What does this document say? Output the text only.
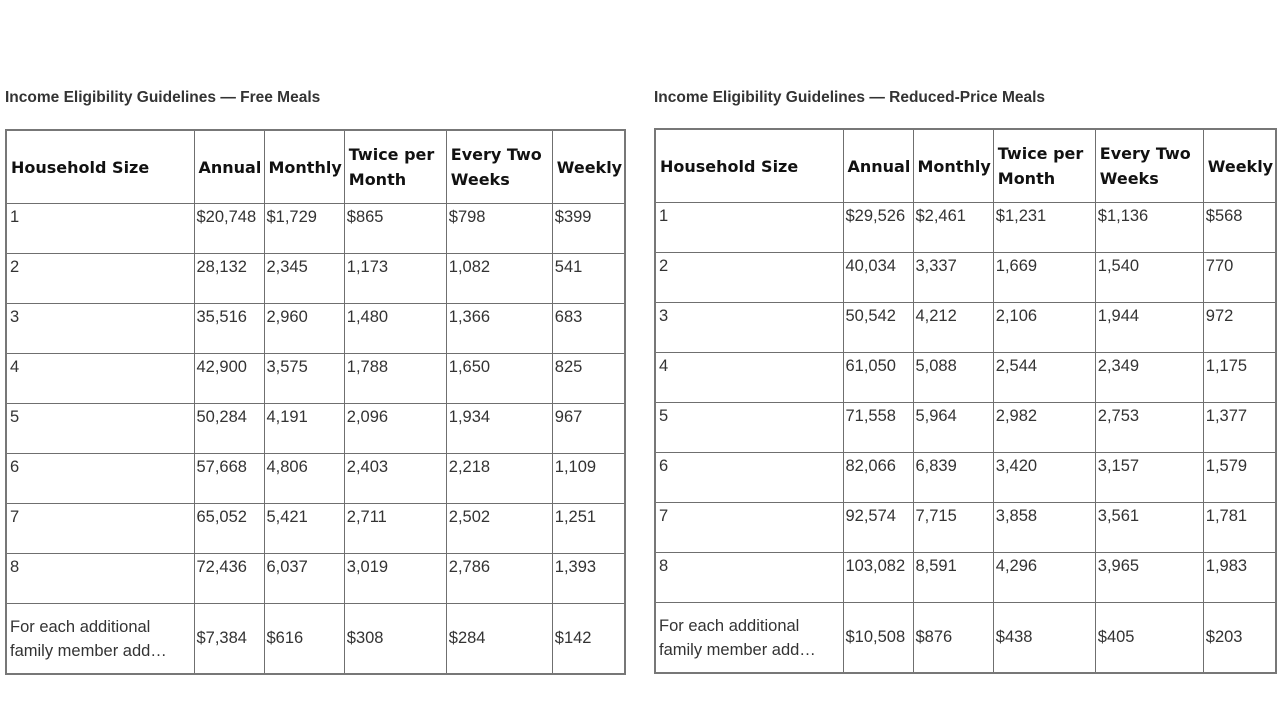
Income Eligibility Guidelines — Free Meals
Household Size	Annual	Monthly	Twice per Month	Every Two Weeks	Weekly
1	$20,748	$1,729	$865	$798	$399
2	28,132	2,345	1,173	1,082	541
3	35,516	2,960	1,480	1,366	683
4	42,900	3,575	1,788	1,650	825
5	50,284	4,191	2,096	1,934	967
6	57,668	4,806	2,403	2,218	1,109
7	65,052	5,421	2,711	2,502	1,251
8	72,436	6,037	3,019	2,786	1,393
For each additional family member add…	$7,384	$616	$308	$284	$142
Income Eligibility Guidelines — Reduced-Price Meals
Household Size	Annual	Monthly	Twice per Month	Every Two Weeks	Weekly
1	$29,526	$2,461	$1,231	$1,136	$568
2	40,034	3,337	1,669	1,540	770
3	50,542	4,212	2,106	1,944	972
4	61,050	5,088	2,544	2,349	1,175
5	71,558	5,964	2,982	2,753	1,377
6	82,066	6,839	3,420	3,157	1,579
7	92,574	7,715	3,858	3,561	1,781
8	103,082	8,591	4,296	3,965	1,983
For each additional family member add…	$10,508	$876	$438	$405	$203
